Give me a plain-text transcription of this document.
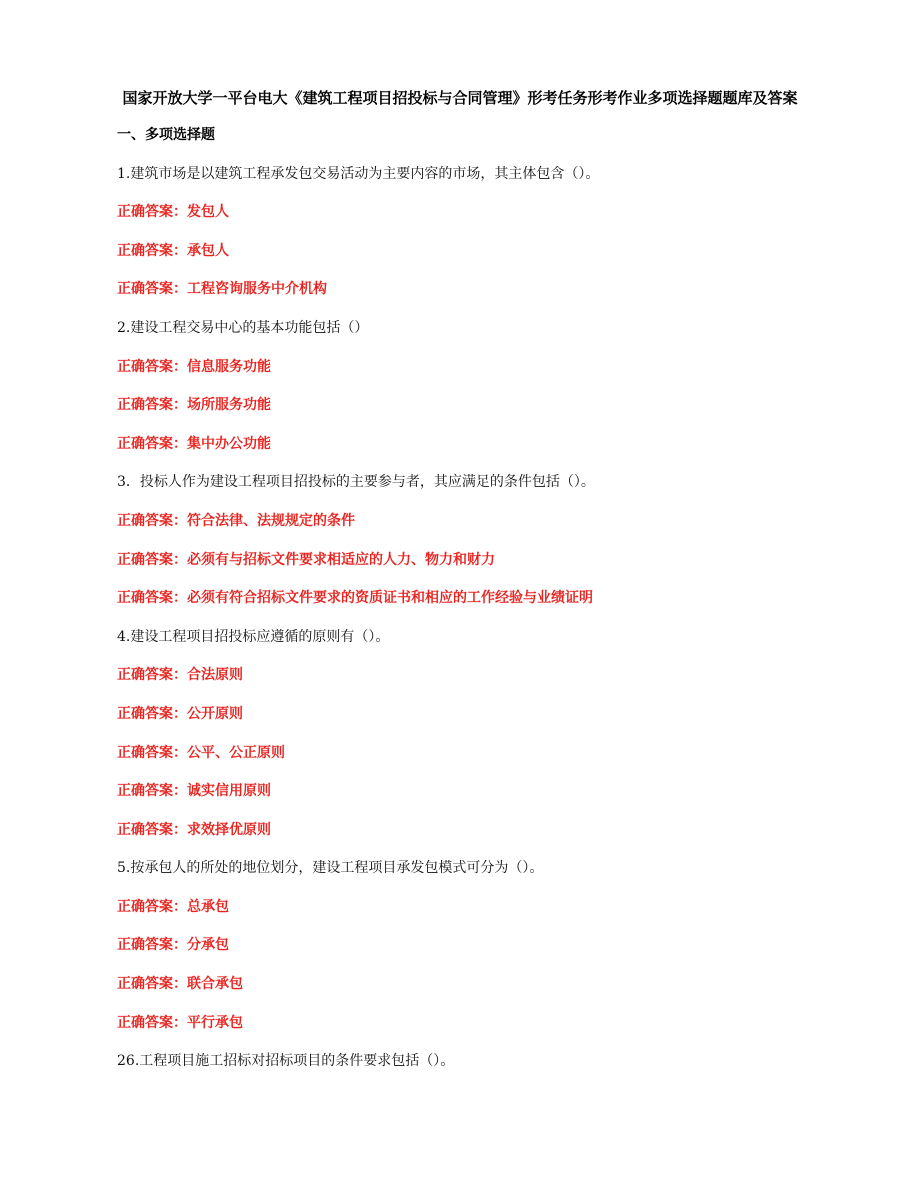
国家开放大学一平台电大《建筑工程项目招投标与合同管理》形考任务形考作业多项选择题题库及答案
一、多项选择题
1.建筑市场是以建筑工程承发包交易活动为主要内容的市场，其主体包含（）。
正确答案：发包人
正确答案：承包人
正确答案：工程咨询服务中介机构
2.建设工程交易中心的基本功能包括（）
正确答案：信息服务功能
正确答案：场所服务功能
正确答案：集中办公功能
3．投标人作为建设工程项目招投标的主要参与者，其应满足的条件包括（）。
正确答案：符合法律、法规规定的条件
正确答案：必须有与招标文件要求相适应的人力、物力和财力
正确答案：必须有符合招标文件要求的资质证书和相应的工作经验与业绩证明
4.建设工程项目招投标应遵循的原则有（）。
正确答案：合法原则
正确答案：公开原则
正确答案：公平、公正原则
正确答案：诚实信用原则
正确答案：求效择优原则
5.按承包人的所处的地位划分，建设工程项目承发包模式可分为（）。
正确答案：总承包
正确答案：分承包
正确答案：联合承包
正确答案：平行承包
26.工程项目施工招标对招标项目的条件要求包括（）。
